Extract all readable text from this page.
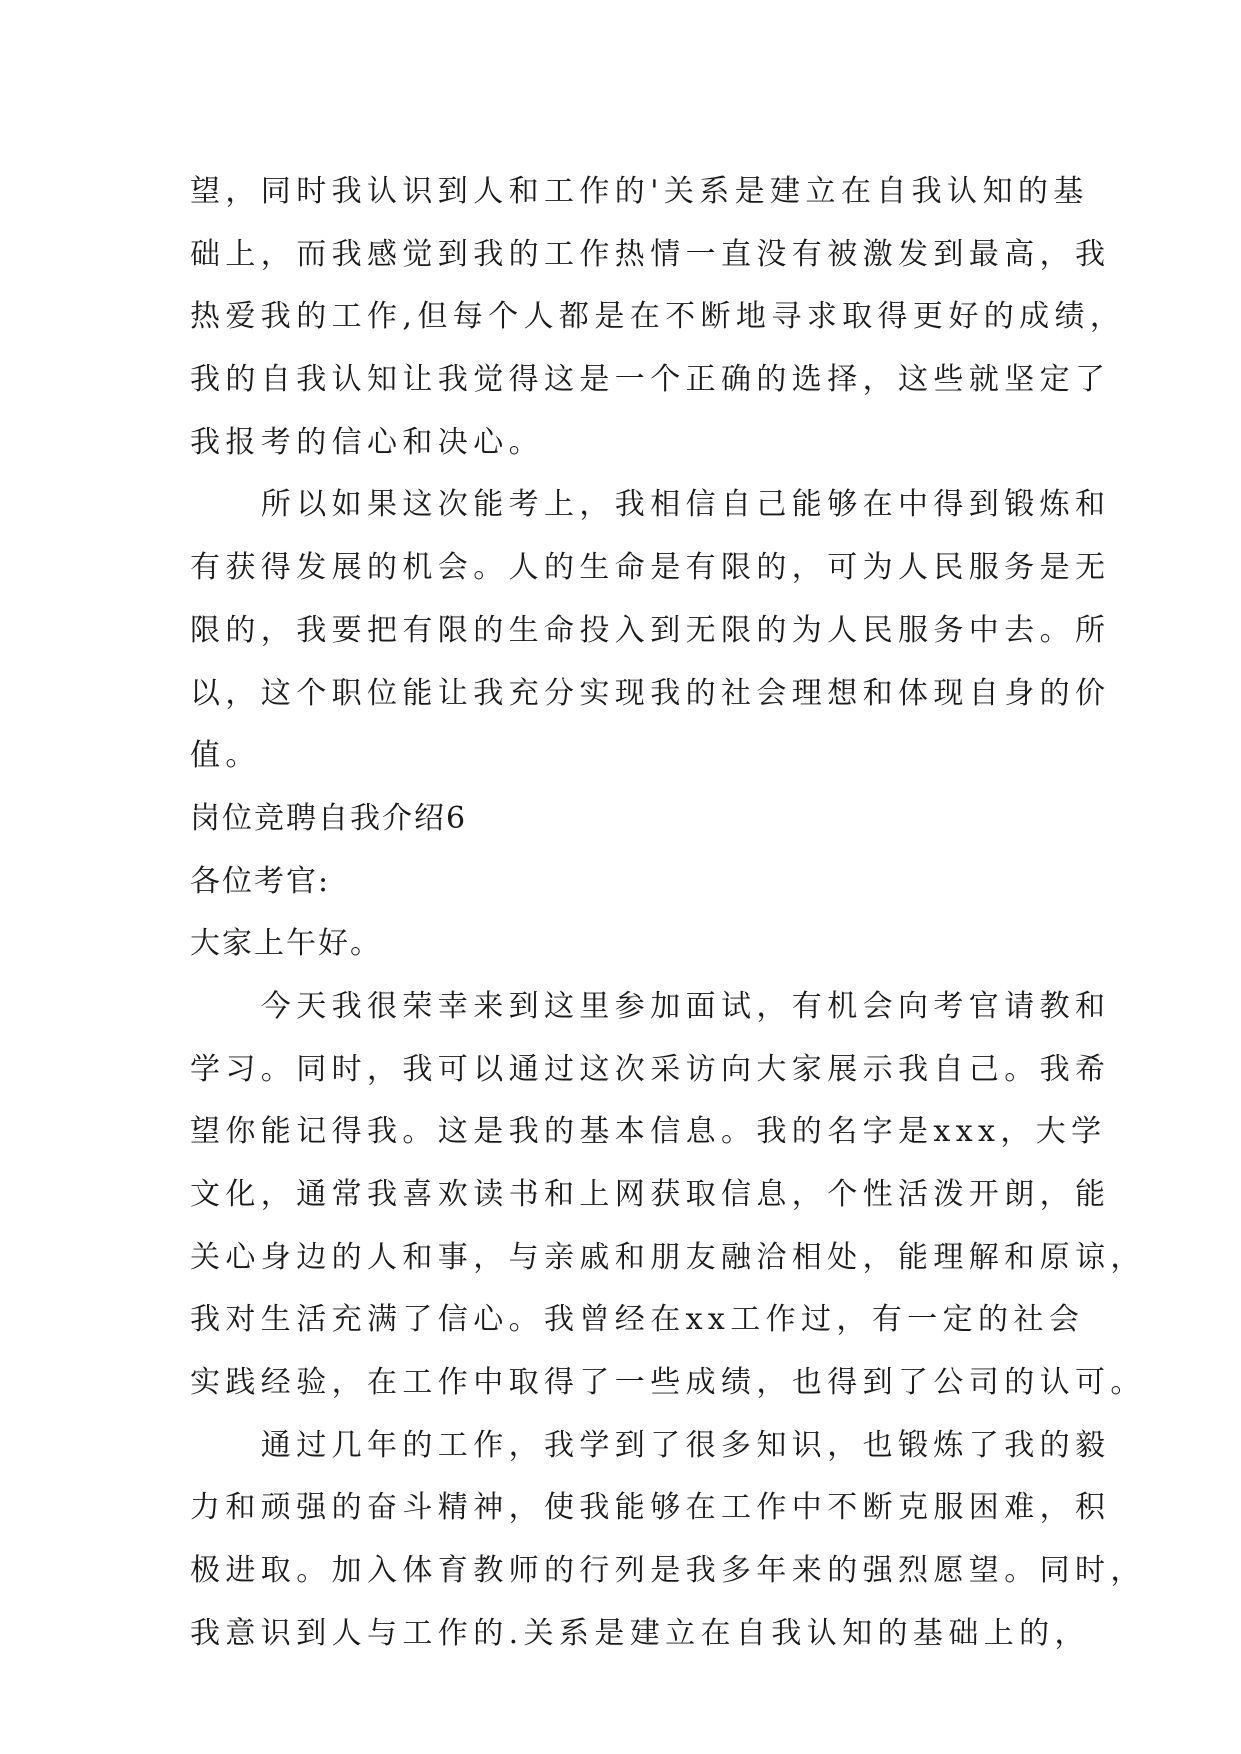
望，同时我认识到人和工作的'关系是建立在自我认知的基
础上，而我感觉到我的工作热情一直没有被激发到最高，我
热爱我的工作,但每个人都是在不断地寻求取得更好的成绩，
我的自我认知让我觉得这是一个正确的选择，这些就坚定了
我报考的信心和决心。
　　所以如果这次能考上，我相信自己能够在中得到锻炼和
有获得发展的机会。人的生命是有限的，可为人民服务是无
限的，我要把有限的生命投入到无限的为人民服务中去。所
以，这个职位能让我充分实现我的社会理想和体现自身的价
值。
岗位竞聘自我介绍6
各位考官:
大家上午好。
　　今天我很荣幸来到这里参加面试，有机会向考官请教和
学习。同时，我可以通过这次采访向大家展示我自己。我希
望你能记得我。这是我的基本信息。我的名字是xxx，大学
文化，通常我喜欢读书和上网获取信息，个性活泼开朗，能
关心身边的人和事，与亲戚和朋友融洽相处，能理解和原谅，
我对生活充满了信心。我曾经在xx工作过，有一定的社会
实践经验，在工作中取得了一些成绩，也得到了公司的认可。
　　通过几年的工作，我学到了很多知识，也锻炼了我的毅
力和顽强的奋斗精神，使我能够在工作中不断克服困难，积
极进取。加入体育教师的行列是我多年来的强烈愿望。同时，
我意识到人与工作的.关系是建立在自我认知的基础上的，
